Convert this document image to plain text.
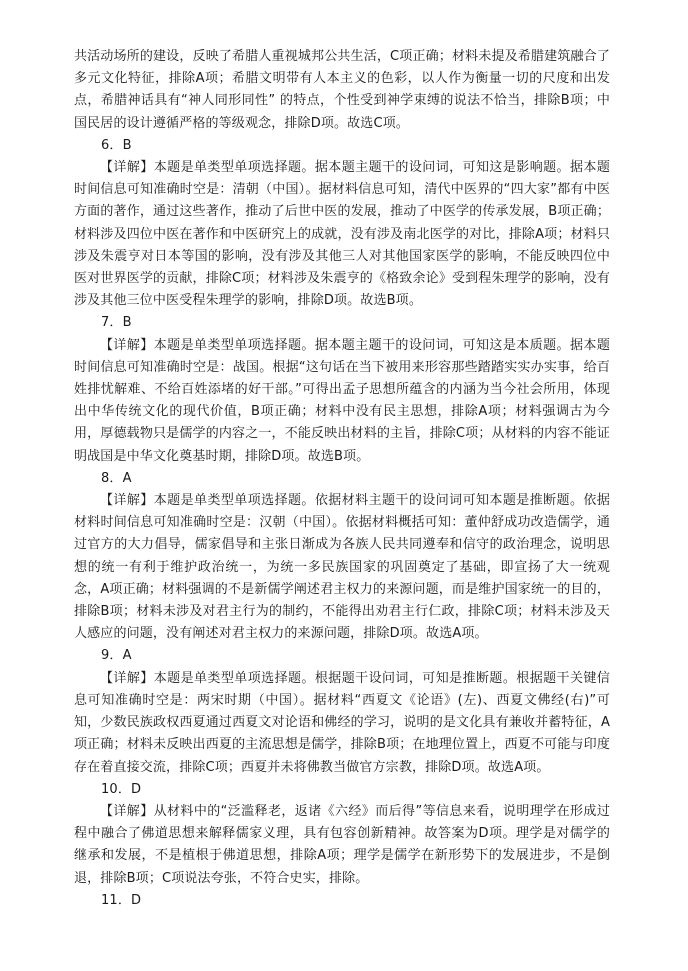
共活动场所的建设，反映了希腊人重视城邦公共生活，C项正确；材料未提及希腊建筑融合了多元文化特征，排除A项；希腊文明带有人本主义的色彩，以人作为衡量一切的尺度和出发点，希腊神话具有“神人同形同性” 的特点，个性受到神学束缚的说法不恰当，排除B项；中国民居的设计遵循严格的等级观念，排除D项。故选C项。

6．B

【详解】本题是单类型单项选择题。据本题主题干的设问词，可知这是影响题。据本题时间信息可知准确时空是：清朝（中国）。据材料信息可知，清代中医界的“四大家”都有中医方面的著作，通过这些著作，推动了后世中医的发展，推动了中医学的传承发展，B项正确；材料涉及四位中医在著作和中医研究上的成就，没有涉及南北医学的对比，排除A项；材料只涉及朱震亨对日本等国的影响，没有涉及其他三人对其他国家医学的影响，不能反映四位中医对世界医学的贡献，排除C项；材料涉及朱震亨的《格致余论》受到程朱理学的影响，没有涉及其他三位中医受程朱理学的影响，排除D项。故选B项。

7．B

【详解】本题是单类型单项选择题。据本题主题干的设问词，可知这是本质题。据本题时间信息可知准确时空是：战国。根据“这句话在当下被用来形容那些踏踏实实办实事，给百姓排忧解难、不给百姓添堵的好干部。”可得出孟子思想所蕴含的内涵为当今社会所用，体现出中华传统文化的现代价值，B项正确；材料中没有民主思想，排除A项；材料强调古为今用，厚德载物只是儒学的内容之一，不能反映出材料的主旨，排除C项；从材料的内容不能证明战国是中华文化奠基时期，排除D项。故选B项。

8．A

【详解】本题是单类型单项选择题。依据材料主题干的设问词可知本题是推断题。依据材料时间信息可知准确时空是：汉朝（中国）。依据材料概括可知：董仲舒成功改造儒学，通过官方的大力倡导，儒家倡导和主张日渐成为各族人民共同遵奉和信守的政治理念，说明思想的统一有利于维护政治统一，为统一多民族国家的巩固奠定了基础，即宣扬了大一统观念，A项正确；材料强调的不是新儒学阐述君主权力的来源问题，而是维护国家统一的目的，排除B项；材料未涉及对君主行为的制约，不能得出劝君主行仁政，排除C项；材料未涉及天人感应的问题，没有阐述对君主权力的来源问题，排除D项。故选A项。

9．A

【详解】本题是单类型单项选择题。根据题干设问词，可知是推断题。根据题干关键信息可知准确时空是：两宋时期（中国）。据材料“西夏文《论语》(左)、西夏文佛经(右)”可知，少数民族政权西夏通过西夏文对论语和佛经的学习，说明的是文化具有兼收并蓄特征，A项正确；材料未反映出西夏的主流思想是儒学，排除B项；在地理位置上，西夏不可能与印度存在着直接交流，排除C项；西夏并未将佛教当做官方宗教，排除D项。故选A项。

10．D

【详解】从材料中的“泛滥释老，返诸《六经》而后得”等信息来看，说明理学在形成过程中融合了佛道思想来解释儒家义理，具有包容创新精神。故答案为D项。理学是对儒学的继承和发展，不是植根于佛道思想，排除A项；理学是儒学在新形势下的发展进步，不是倒退，排除B项；C项说法夸张，不符合史实，排除。

11．D
